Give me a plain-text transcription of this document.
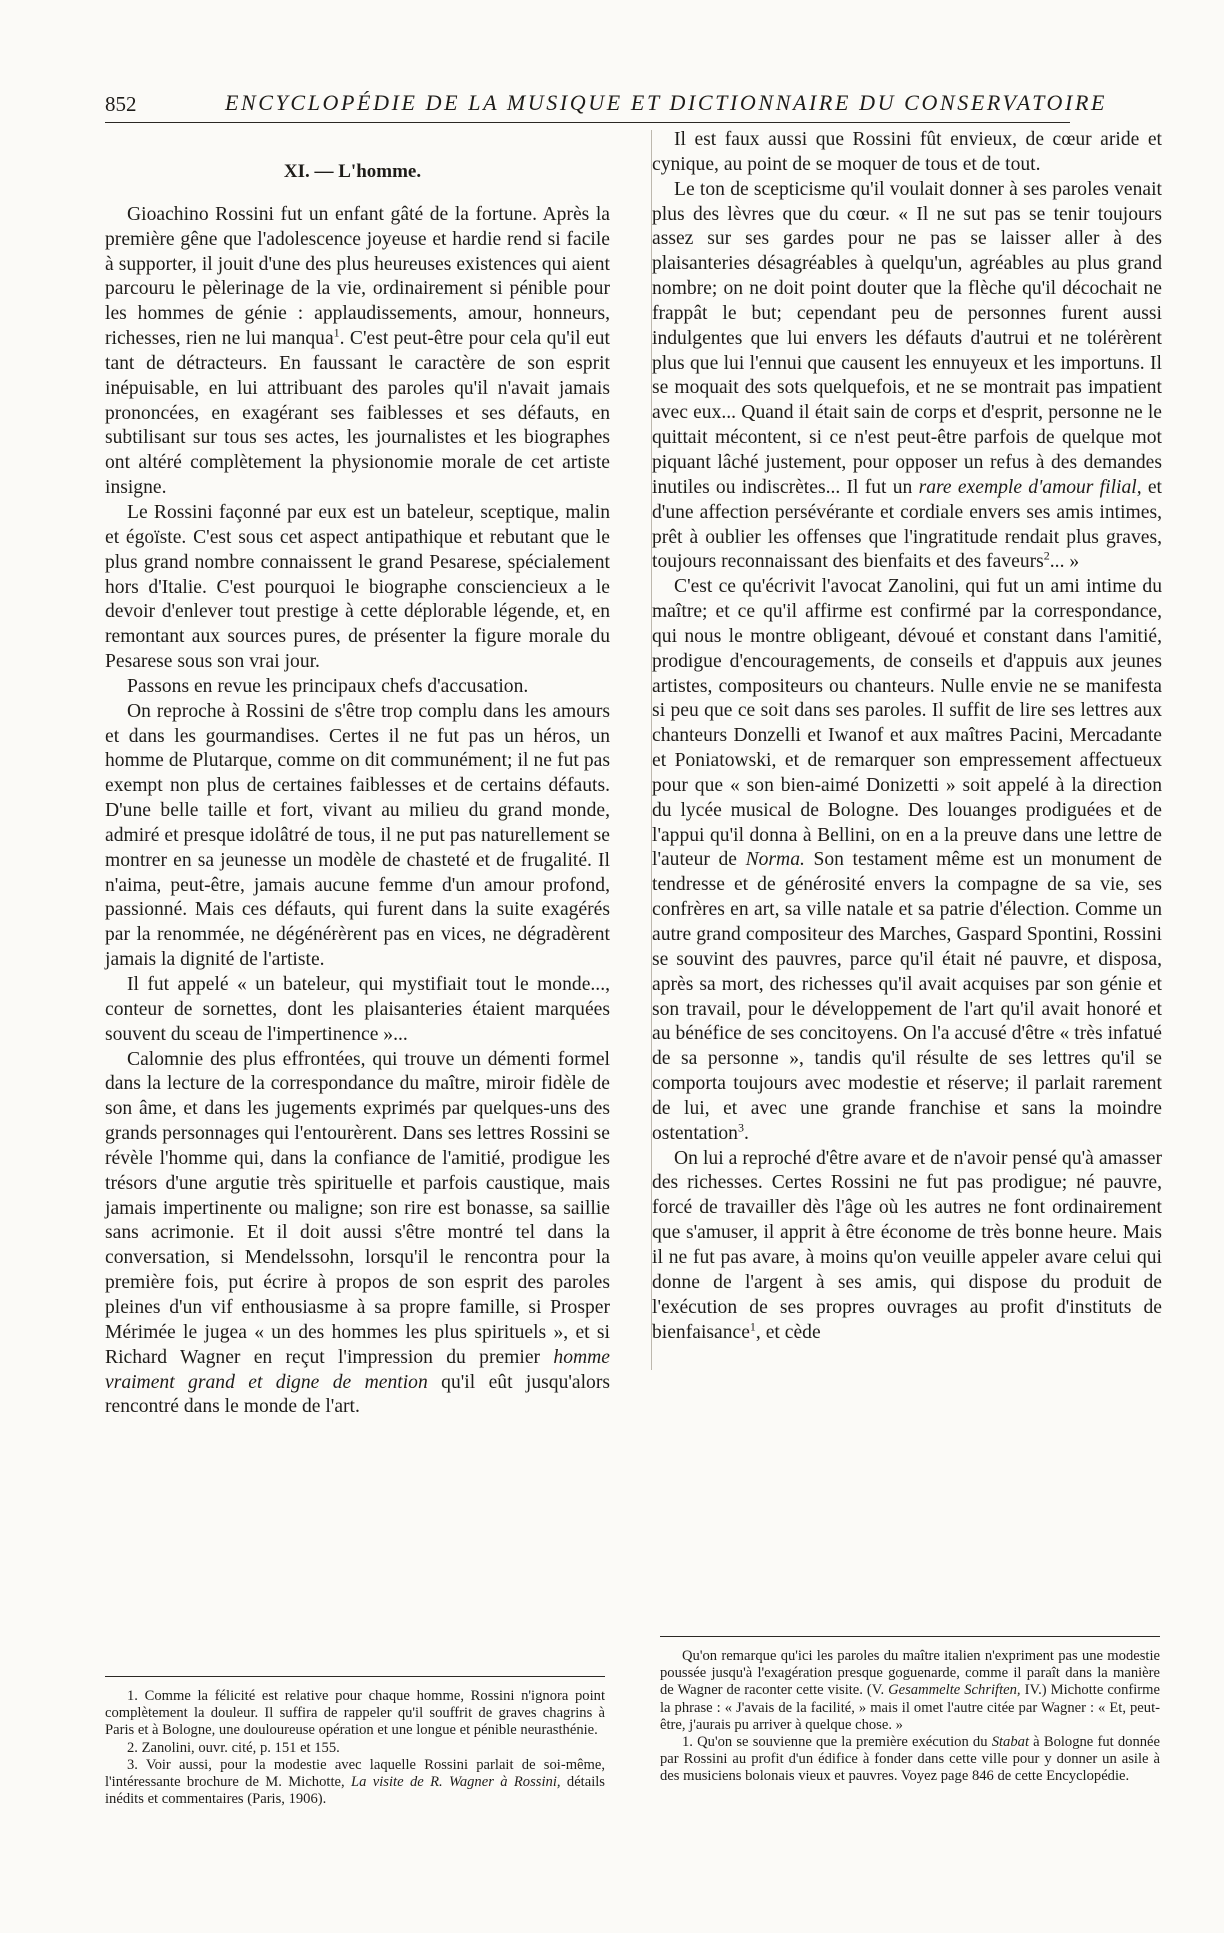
852	ENCYCLOPÉDIE DE LA MUSIQUE ET DICTIONNAIRE DU CONSERVATOIRE
XI. — L'homme.

Gioachino Rossini fut un enfant gâté de la fortune. Après la première gêne que l'adolescence joyeuse et hardie rend si facile à supporter, il jouit d'une des plus heureuses existences qui aient parcouru le pèlerinage de la vie, ordinairement si pénible pour les hommes de génie : applaudissements, amour, honneurs, richesses, rien ne lui manqua$^1$. C'est peut-être pour cela qu'il eut tant de détracteurs. En faussant le caractère de son esprit inépuisable, en lui attribuant des paroles qu'il n'avait jamais prononcées, en exagérant ses faiblesses et ses défauts, en subtilisant sur tous ses actes, les journalistes et les biographes ont altéré complètement la physionomie morale de cet artiste insigne.

Le Rossini façonné par eux est un bateleur, sceptique, malin et égoïste. C'est sous cet aspect antipathique et rebutant que le plus grand nombre connaissent le grand Pesarese, spécialement hors d'Italie. C'est pourquoi le biographe consciencieux a le devoir d'enlever tout prestige à cette déplorable légende, et, en remontant aux sources pures, de présenter la figure morale du Pesarese sous son vrai jour.

Passons en revue les principaux chefs d'accusation.

On reproche à Rossini de s'être trop complu dans les amours et dans les gourmandises. Certes il ne fut pas un héros, un homme de Plutarque, comme on dit communément; il ne fut pas exempt non plus de certaines faiblesses et de certains défauts. D'une belle taille et fort, vivant au milieu du grand monde, admiré et presque idolâtré de tous, il ne put pas naturellement se montrer en sa jeunesse un modèle de chasteté et de frugalité. Il n'aima, peut-être, jamais aucune femme d'un amour profond, passionné. Mais ces défauts, qui furent dans la suite exagérés par la renommée, ne dégénérèrent pas en vices, ne dégradèrent jamais la dignité de l'artiste.

Il fut appelé « un bateleur, qui mystifiait tout le monde..., conteur de sornettes, dont les plaisanteries étaient marquées souvent du sceau de l'impertinence »...

Calomnie des plus effrontées, qui trouve un démenti formel dans la lecture de la correspondance du maître, miroir fidèle de son âme, et dans les jugements exprimés par quelques-uns des grands personnages qui l'entourèrent. Dans ses lettres Rossini se révèle l'homme qui, dans la confiance de l'amitié, prodigue les trésors d'une argutie très spirituelle et parfois caustique, mais jamais impertinente ou maligne; son rire est bonasse, sa saillie sans acrimonie. Et il doit aussi s'être montré tel dans la conversation, si Mendelssohn, lorsqu'il le rencontra pour la première fois, put écrire à propos de son esprit des paroles pleines d'un vif enthousiasme à sa propre famille, si Prosper Mérimée le jugea « un des hommes les plus spirituels », et si Richard Wagner en reçut l'impression du premier homme vraiment grand et digne de mention qu'il eût jusqu'alors rencontré dans le monde de l'art.

Il est faux aussi que Rossini fût envieux, de cœur aride et cynique, au point de se moquer de tous et de tout.

Le ton de scepticisme qu'il voulait donner à ses paroles venait plus des lèvres que du cœur. « Il ne sut pas se tenir toujours assez sur ses gardes pour ne pas se laisser aller à des plaisanteries désagréables à quelqu'un, agréables au plus grand nombre; on ne doit point douter que la flèche qu'il décochait ne frappât le but; cependant peu de personnes furent aussi indulgentes que lui envers les défauts d'autrui et ne tolérèrent plus que lui l'ennui que causent les ennuyeux et les importuns. Il se moquait des sots quelquefois, et ne se montrait pas impatient avec eux... Quand il était sain de corps et d'esprit, personne ne le quittait mécontent, si ce n'est peut-être parfois de quelque mot piquant lâché justement, pour opposer un refus à des demandes inutiles ou indiscrètes... Il fut un rare exemple d'amour filial, et d'une affection persévérante et cordiale envers ses amis intimes, prêt à oublier les offenses que l'ingratitude rendait plus graves, toujours reconnaissant des bienfaits et des faveurs$^2$... »

C'est ce qu'écrivit l'avocat Zanolini, qui fut un ami intime du maître; et ce qu'il affirme est confirmé par la correspondance, qui nous le montre obligeant, dévoué et constant dans l'amitié, prodigue d'encouragements, de conseils et d'appuis aux jeunes artistes, compositeurs ou chanteurs. Nulle envie ne se manifesta si peu que ce soit dans ses paroles. Il suffit de lire ses lettres aux chanteurs Donzelli et Iwanof et aux maîtres Pacini, Mercadante et Poniatowski, et de remarquer son empressement affectueux pour que « son bien-aimé Donizetti » soit appelé à la direction du lycée musical de Bologne. Des louanges prodiguées et de l'appui qu'il donna à Bellini, on en a la preuve dans une lettre de l'auteur de Norma. Son testament même est un monument de tendresse et de générosité envers la compagne de sa vie, ses confrères en art, sa ville natale et sa patrie d'élection. Comme un autre grand compositeur des Marches, Gaspard Spontini, Rossini se souvint des pauvres, parce qu'il était né pauvre, et disposa, après sa mort, des richesses qu'il avait acquises par son génie et son travail, pour le développement de l'art qu'il avait honoré et au bénéfice de ses concitoyens. On l'a accusé d'être « très infatué de sa personne », tandis qu'il résulte de ses lettres qu'il se comporta toujours avec modestie et réserve; il parlait rarement de lui, et avec une grande franchise et sans la moindre ostentation$^3$.

On lui a reproché d'être avare et de n'avoir pensé qu'à amasser des richesses. Certes Rossini ne fut pas prodigue; né pauvre, forcé de travailler dès l'âge où les autres ne font ordinairement que s'amuser, il apprit à être économe de très bonne heure. Mais il ne fut pas avare, à moins qu'on veuille appeler avare celui qui donne de l'argent à ses amis, qui dispose du produit de l'exécution de ses propres ouvrages au profit d'instituts de bienfaisance$^1$, et cède

1. Comme la félicité est relative pour chaque homme, Rossini n'ignora point complètement la douleur. Il suffira de rappeler qu'il souffrit de graves chagrins à Paris et à Bologne, une douloureuse opération et une longue et pénible neurasthénie.

2. Zanolini, ouvr. cité, p. 151 et 155.

3. Voir aussi, pour la modestie avec laquelle Rossini parlait de soi-même, l'intéressante brochure de M. Michotte, La visite de R. Wagner à Rossini, détails inédits et commentaires (Paris, 1906).

Qu'on remarque qu'ici les paroles du maître italien n'expriment pas une modestie poussée jusqu'à l'exagération presque goguenarde, comme il paraît dans la manière de Wagner de raconter cette visite. (V. Gesammelte Schriften, IV.) Michotte confirme la phrase : « J'avais de la facilité, » mais il omet l'autre citée par Wagner : « Et, peut-être, j'aurais pu arriver à quelque chose. »

1. Qu'on se souvienne que la première exécution du Stabat à Bologne fut donnée par Rossini au profit d'un édifice à fonder dans cette ville pour y donner un asile à des musiciens bolonais vieux et pauvres. Voyez page 846 de cette Encyclopédie.
